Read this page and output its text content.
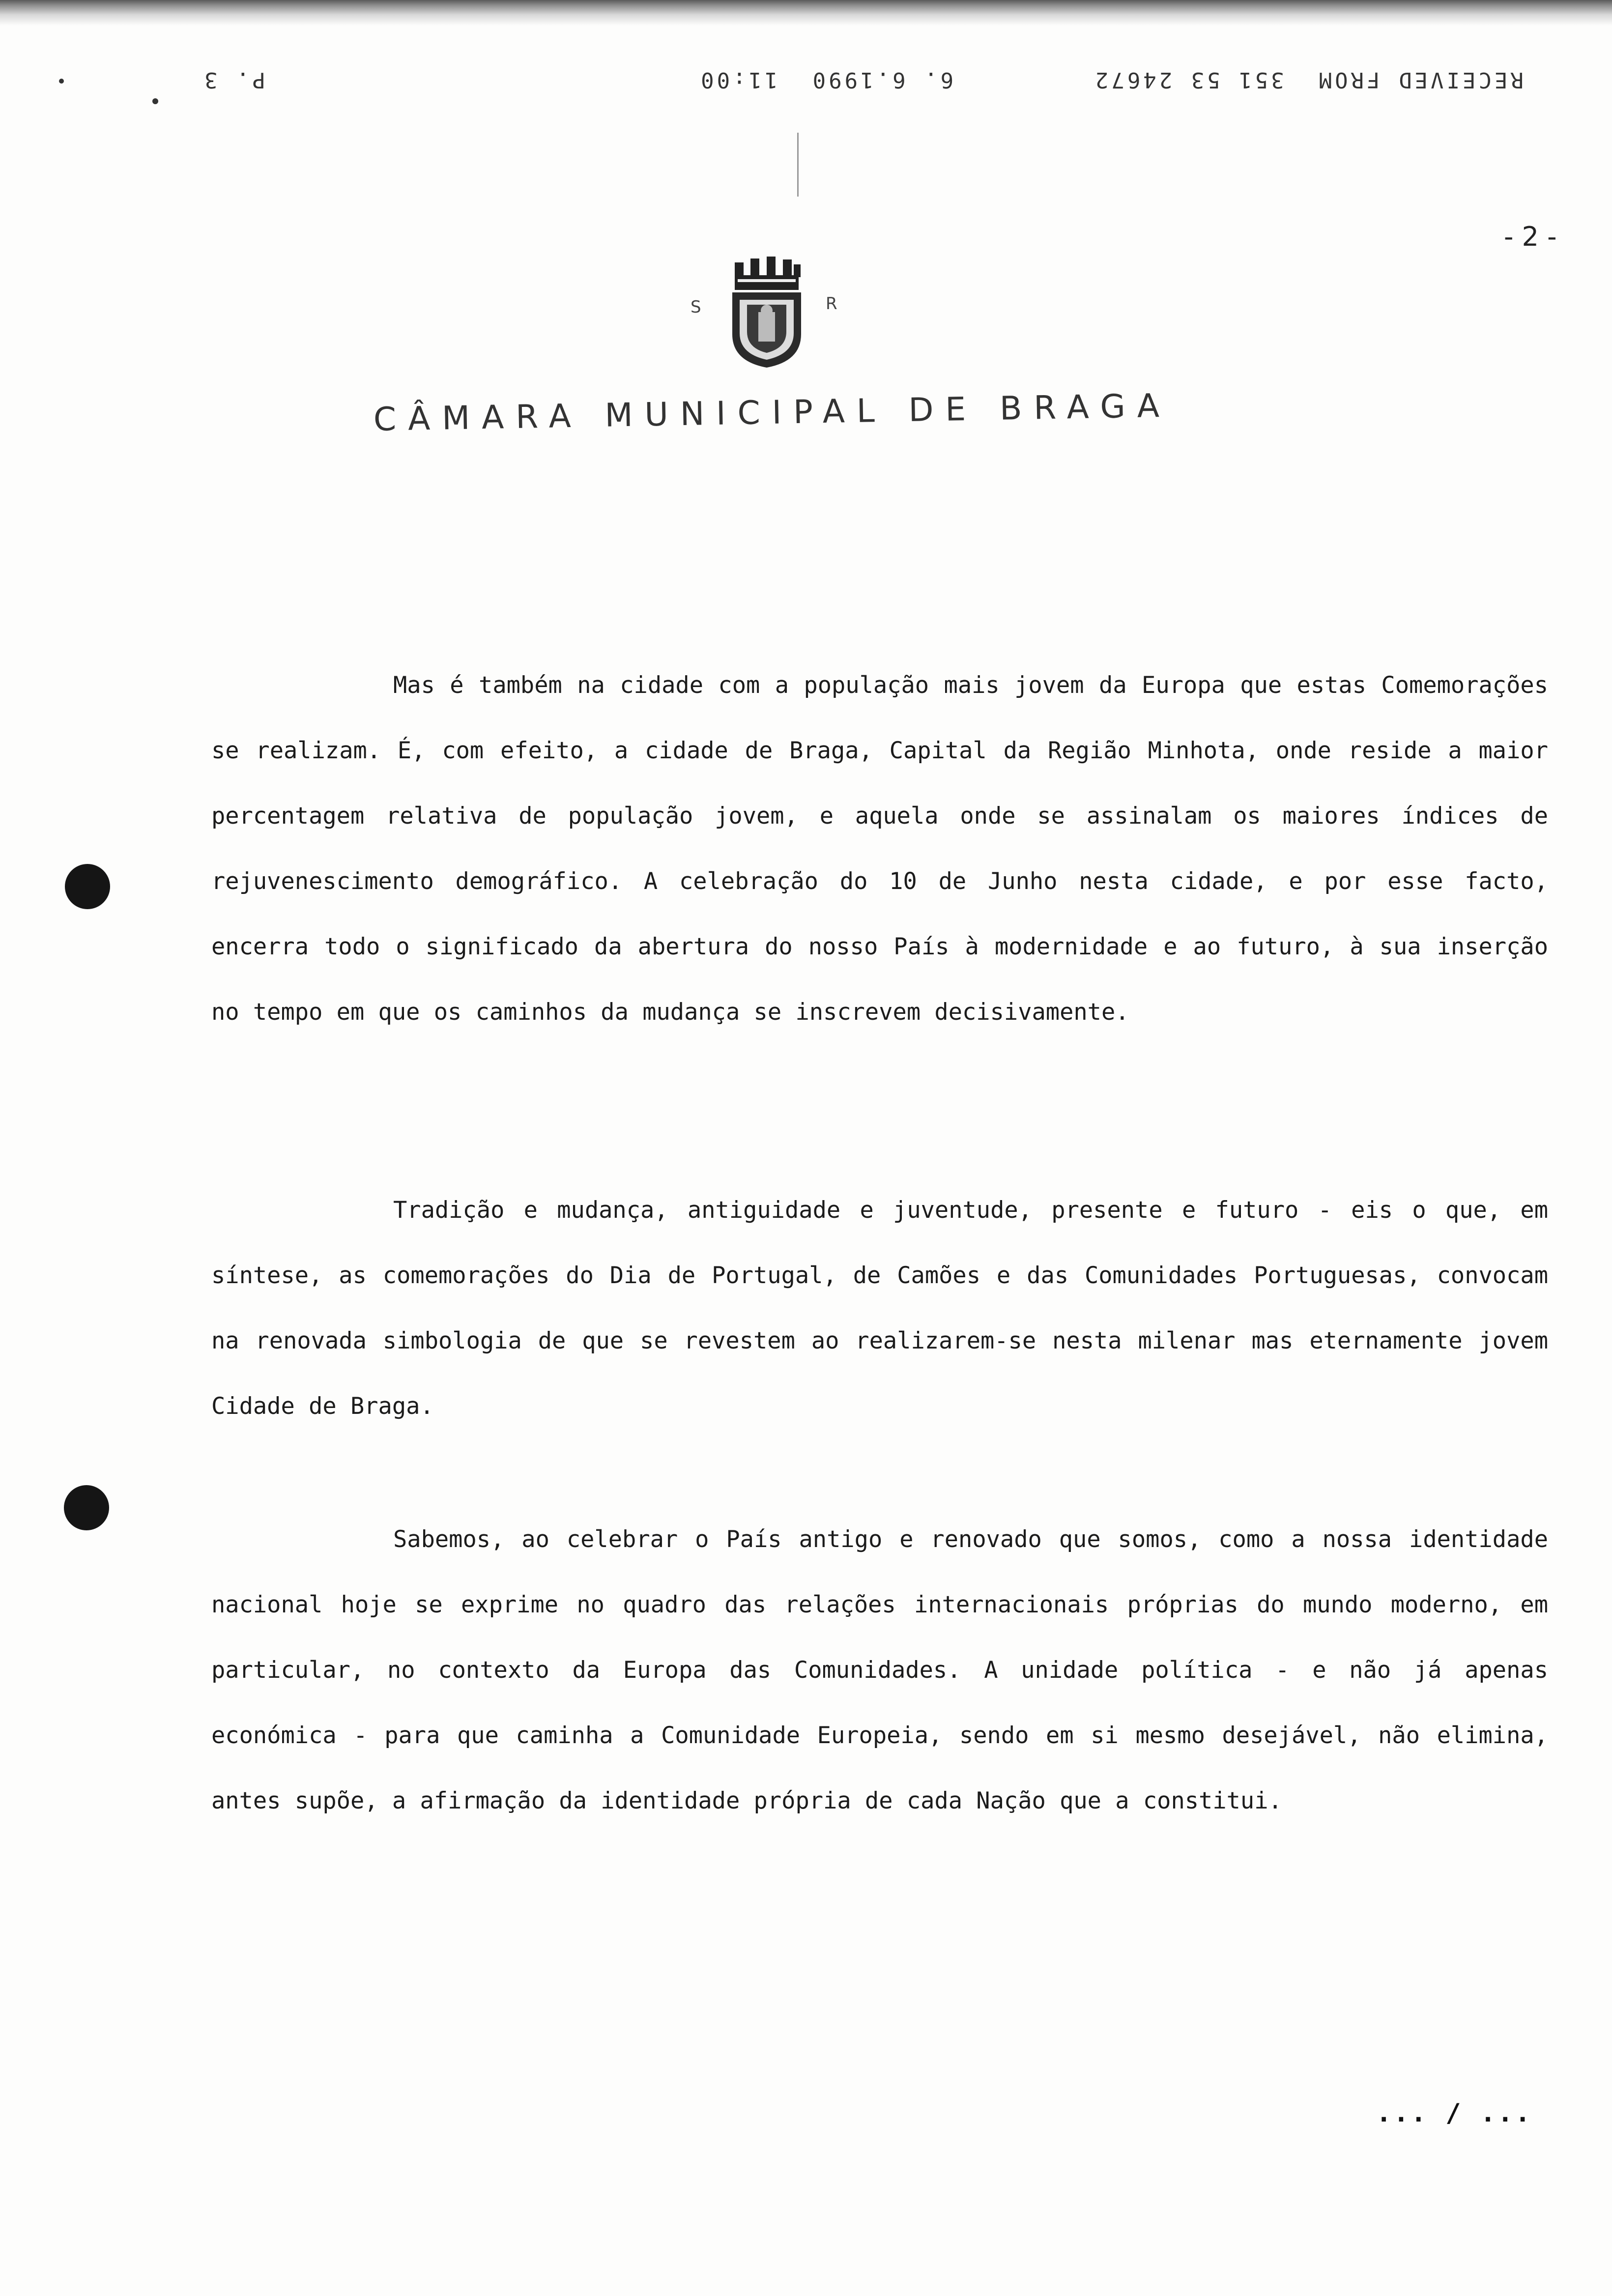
RECEIVED FROM  351 53 24672
6. 6.1990  11:00
P. 3
- 2 -
S	R
CÂMARA MUNICIPAL DE BRAGA

Mas é também na cidade com a população mais jovem da Europa que estas Comemorações se realizam. É, com efeito, a cidade de Braga, Capital da Região Minhota, onde reside a maior percentagem relativa de população jovem, e aquela onde se assinalam os maiores índices de rejuvenescimento demográfico. A celebração do 10 de Junho nesta cidade, e por esse facto, encerra todo o significado da abertura do nosso País à modernidade e ao futuro, à sua inserção no tempo em que os caminhos da mudança se inscrevem decisivamente.

Tradição e mudança, antiguidade e juventude, presente e futuro - eis o que, em síntese, as comemorações do Dia de Portugal, de Camões e das Comunidades Portuguesas, convocam na renovada simbologia de que se revestem ao realizarem-se nesta milenar mas eternamente jovem Cidade de Braga.

Sabemos, ao celebrar o País antigo e renovado que somos, como a nossa identidade nacional hoje se exprime no quadro das relações internacionais próprias do mundo moderno, em particular, no contexto da Europa das Comunidades. A unidade política - e não já apenas económica - para que caminha a Comunidade Europeia, sendo em si mesmo desejável, não elimina, antes supõe, a afirmação da identidade própria de cada Nação que a constitui.

... / ...
